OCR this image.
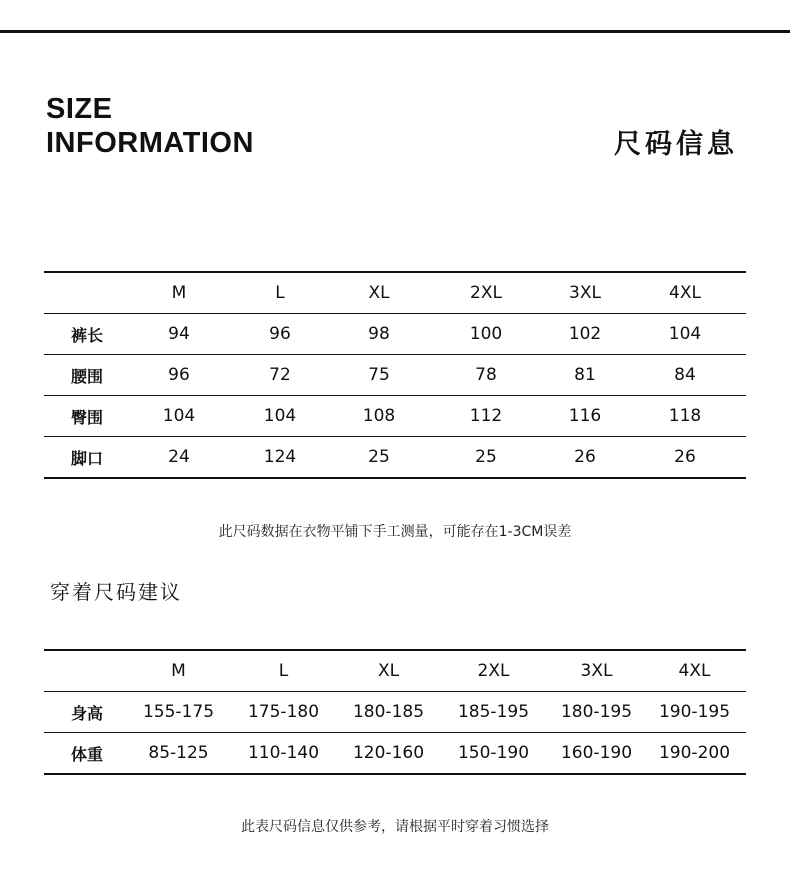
SIZE
INFORMATION	尺码信息
	M	L	XL	2XL	3XL	4XL
裤长	94	96	98	100	102	104
腰围	96	72	75	78	81	84
臀围	104	104	108	112	116	118
脚口	24	124	25	25	26	26
此尺码数据在衣物平铺下手工测量，可能存在1-3CM误差
穿着尺码建议
	M	L	XL	2XL	3XL	4XL
身高	155-175	175-180	180-185	185-195	180-195	190-195
体重	85-125	110-140	120-160	150-190	160-190	190-200
此表尺码信息仅供参考，请根据平时穿着习惯选择
